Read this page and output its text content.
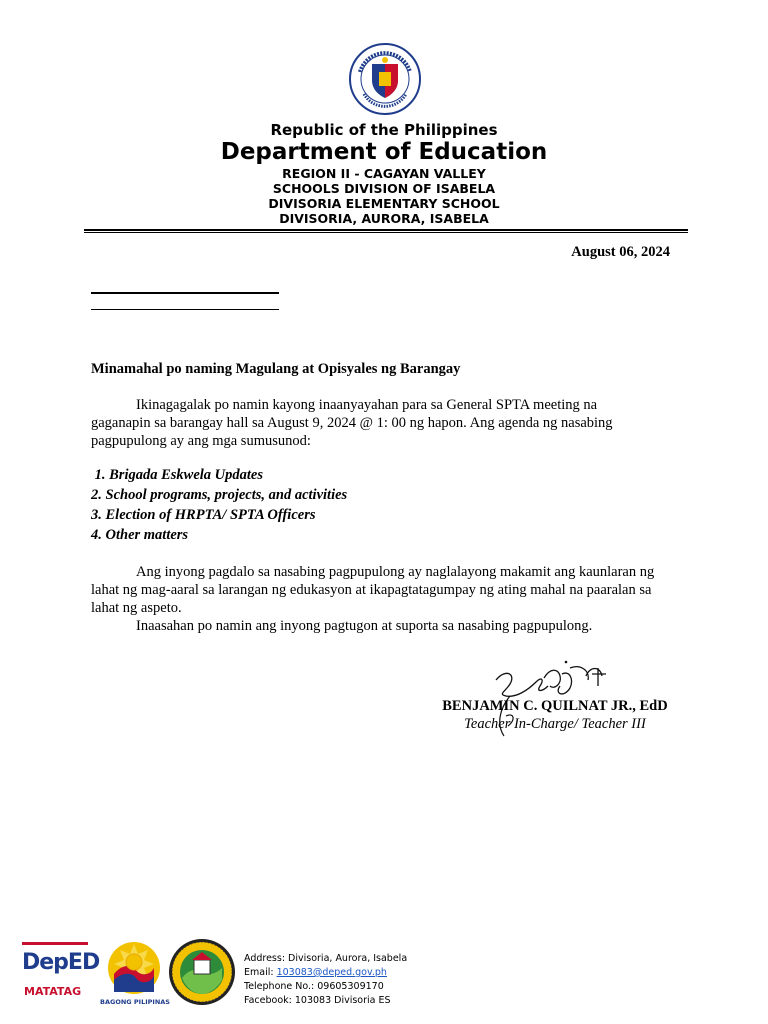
Republic of the Philippines
Department of Education
REGION II - CAGAYAN VALLEY
SCHOOLS DIVISION OF ISABELA
DIVISORIA ELEMENTARY SCHOOL
DIVISORIA, AURORA, ISABELA
August 06, 2024
Minamahal po naming Magulang at Opisyales ng Barangay
Ikinagagalak po namin kayong inaanyayahan para sa General SPTA meeting na
gaganapin sa barangay hall sa August 9, 2024 @ 1: 00 ng hapon. Ang agenda ng nasabing
pagpupulong ay ang mga sumusunod:
1. Brigada Eskwela Updates
2. School programs, projects, and activities
3. Election of HRPTA/ SPTA Officers
4. Other matters
Ang inyong pagdalo sa nasabing pagpupulong ay naglalayong makamit ang kaunlaran ng
lahat ng mag-aaral sa larangan ng edukasyon at ikapagtatagumpay ng ating mahal na paaralan sa
lahat ng aspeto.
Inaasahan po namin ang inyong pagtugon at suporta sa nasabing pagpupulong.
BENJAMIN C. QUILNAT JR., EdD
Teacher In-Charge/ Teacher III
DepED
MATATAG
BAGONG PILIPINAS
Address: Divisoria, Aurora, Isabela
Email: 103083@deped.gov.ph
Telephone No.: 09605309170
Facebook: 103083 Divisoria ES
